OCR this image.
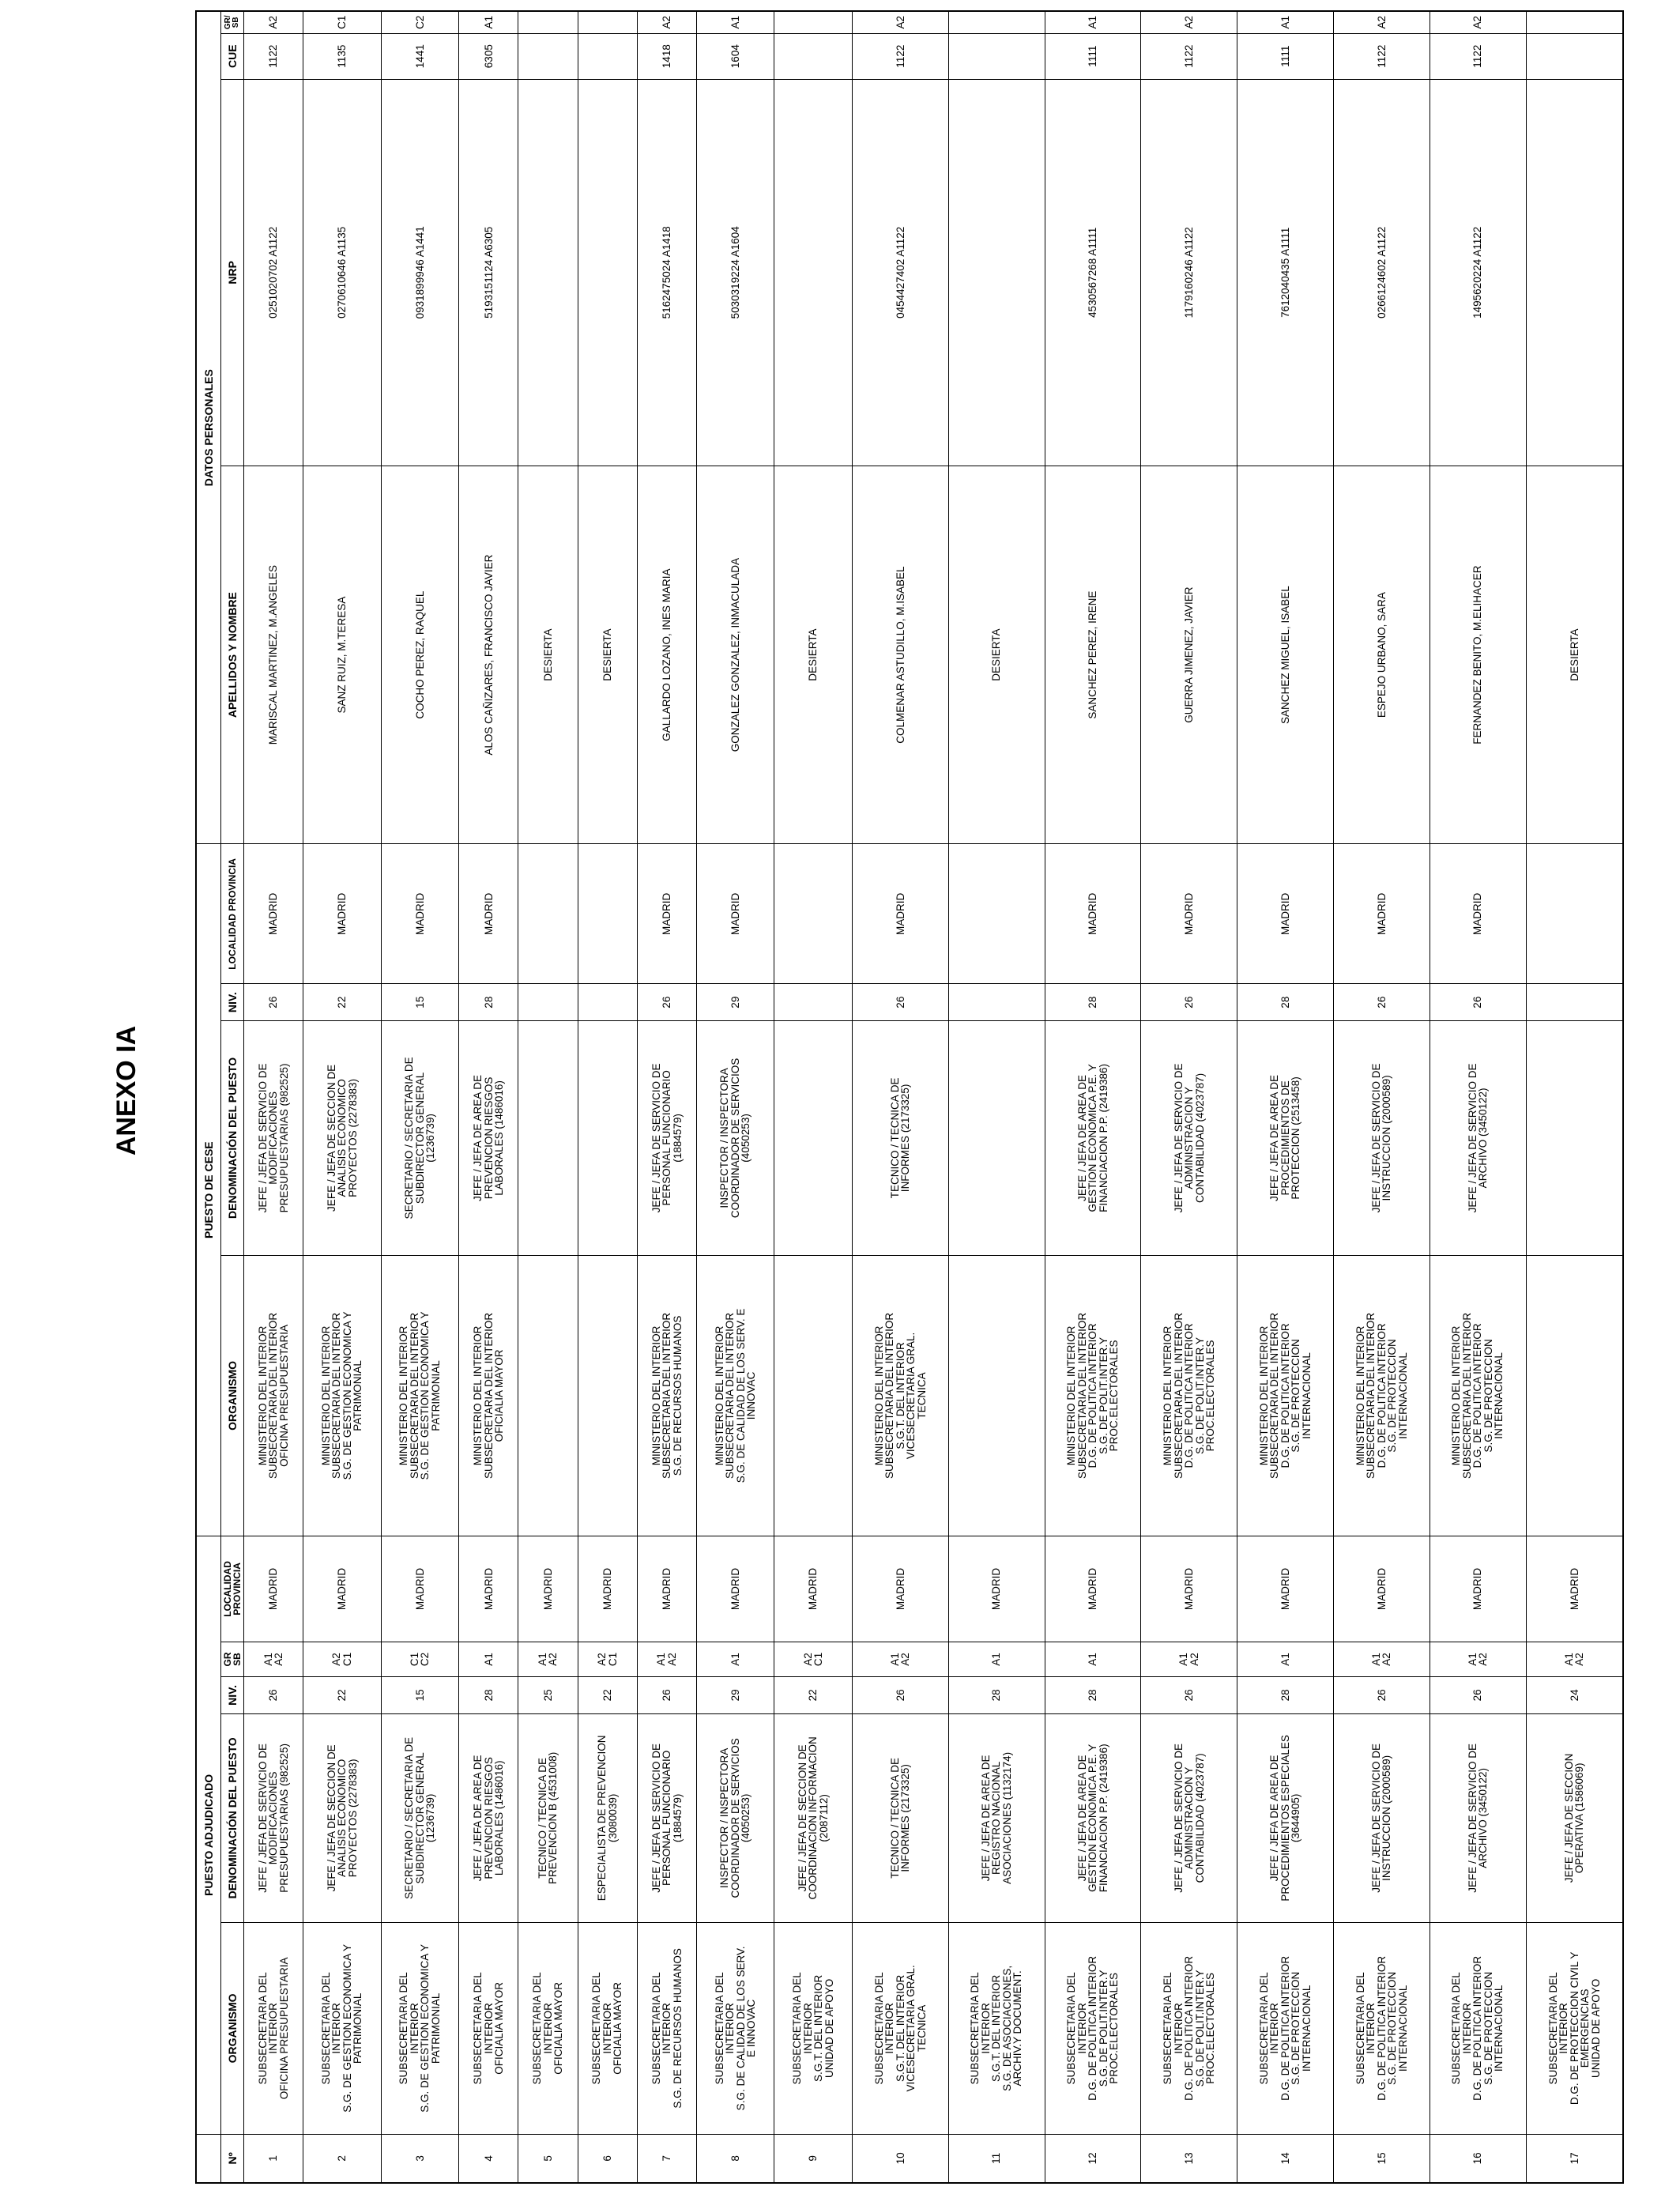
ANEXO IA
	PUESTO ADJUDICADO					PUESTO DE CESE				DATOS PERSONALES			
Nº	ORGANISMO	DENOMINACIÓN DEL PUESTO	NIV.	GR SB	LOCALIDAD PROVINCIA	ORGANISMO	DENOMINACIÓN DEL PUESTO	NIV.	LOCALIDAD PROVINCIA	APELLIDOS Y NOMBRE	NRP	CUE	GR/ SB
1	SUBSECRETARIA DEL
INTERIOR
OFICINA PRESUPUESTARIA	JEFE / JEFA DE SERVICIO DE
MODIFICACIONES
PRESUPUESTARIAS (982525)	26	A1
A2	MADRID	MINISTERIO DEL INTERIOR
SUBSECRETARIA DEL INTERIOR
OFICINA PRESUPUESTARIA	JEFE / JEFA DE SERVICIO DE
MODIFICACIONES
PRESUPUESTARIAS (982525)	26	MADRID	MARISCAL MARTINEZ, M.ANGELES	0251020702 A1122	1122	A2
2	SUBSECRETARIA DEL
INTERIOR
S.G. DE GESTION ECONOMICA Y
PATRIMONIAL	JEFE / JEFA DE SECCION DE
ANALISIS ECONOMICO
PROYECTOS (2278383)	22	A2
C1	MADRID	MINISTERIO DEL INTERIOR
SUBSECRETARIA DEL INTERIOR
S.G. DE GESTION ECONOMICA Y
PATRIMONIAL	JEFE / JEFA DE SECCION DE
ANALISIS ECONOMICO
PROYECTOS (2278383)	22	MADRID	SANZ RUIZ, M.TERESA	0270610646 A1135	1135	C1
3	SUBSECRETARIA DEL
INTERIOR
S.G. DE GESTION ECONOMICA Y
PATRIMONIAL	SECRETARIO / SECRETARIA DE
SUBDIRECTOR GENERAL
(1236739)	15	C1
C2	MADRID	MINISTERIO DEL INTERIOR
SUBSECRETARIA DEL INTERIOR
S.G. DE GESTION ECONOMICA Y
PATRIMONIAL	SECRETARIO / SECRETARIA DE
SUBDIRECTOR GENERAL
(1236739)	15	MADRID	COCHO PEREZ, RAQUEL	0931899946 A1441	1441	C2
4	SUBSECRETARIA DEL
INTERIOR
OFICIALIA MAYOR	JEFE / JEFA DE AREA DE
PREVENCION RIESGOS
LABORALES (1486016)	28	A1	MADRID	MINISTERIO DEL INTERIOR
SUBSECRETARIA DEL INTERIOR
OFICIALIA MAYOR	JEFE / JEFA DE AREA DE
PREVENCION RIESGOS
LABORALES (1486016)	28	MADRID	ALOS CAÑIZARES, FRANCISCO JAVIER	5193151124 A6305	6305	A1
5	SUBSECRETARIA DEL
INTERIOR
OFICIALIA MAYOR	TECNICO / TECNICA DE
PREVENCION B (4531008)	25	A1
A2	MADRID					DESIERTA			
6	SUBSECRETARIA DEL
INTERIOR
OFICIALIA MAYOR	ESPECIALISTA DE PREVENCION
(3080039)	22	A2
C1	MADRID					DESIERTA			
7	SUBSECRETARIA DEL
INTERIOR
S.G. DE RECURSOS HUMANOS	JEFE / JEFA DE SERVICIO DE
PERSONAL FUNCIONARIO
(1884579)	26	A1
A2	MADRID	MINISTERIO DEL INTERIOR
SUBSECRETARIA DEL INTERIOR
S.G. DE RECURSOS HUMANOS	JEFE / JEFA DE SERVICIO DE
PERSONAL FUNCIONARIO
(1884579)	26	MADRID	GALLARDO LOZANO, INES MARIA	5162475024 A1418	1418	A2
8	SUBSECRETARIA DEL
INTERIOR
S.G. DE CALIDAD DE LOS SERV.
E INNOVAC	INSPECTOR / INSPECTORA
COORDINADOR DE SERVICIOS
(4050253)	29	A1	MADRID	MINISTERIO DEL INTERIOR
SUBSECRETARIA DEL INTERIOR
S.G. DE CALIDAD DE LOS SERV. E
INNOVAC	INSPECTOR / INSPECTORA
COORDINADOR DE SERVICIOS
(4050253)	29	MADRID	GONZALEZ GONZALEZ, INMACULADA	5030319224 A1604	1604	A1
9	SUBSECRETARIA DEL
INTERIOR
S.G.T. DEL INTERIOR
UNIDAD DE APOYO	JEFE / JEFA DE SECCION DE
COORDINACION INFORMACION
(2087112)	22	A2
C1	MADRID					DESIERTA			
10	SUBSECRETARIA DEL
INTERIOR
S.G.T. DEL INTERIOR
VICESECRETARIA GRAL.
TECNICA	TECNICO / TECNICA DE
INFORMES (2173325)	26	A1
A2	MADRID	MINISTERIO DEL INTERIOR
SUBSECRETARIA DEL INTERIOR
S.G.T. DEL INTERIOR
VICESECRETARIA GRAL.
TECNICA	TECNICO / TECNICA DE
INFORMES (2173325)	26	MADRID	COLMENAR ASTUDILLO, M.ISABEL	0454427402 A1122	1122	A2
11	SUBSECRETARIA DEL
INTERIOR
S.G.T. DEL INTERIOR
S.G. DE ASOCIACIONES,
ARCHIV.Y DOCUMENT.	JEFE / JEFA DE AREA DE
REGISTRO NACIONAL
ASOCIACIONES (1132174)	28	A1	MADRID					DESIERTA			
12	SUBSECRETARIA DEL
INTERIOR
D.G. DE POLITICA INTERIOR
S.G. DE POLIT.INTER.Y
PROC.ELECTORALES	JEFE / JEFA DE AREA DE
GESTION ECONOMICA P.E. Y
FINANCIACION P.P. (2419386)	28	A1	MADRID	MINISTERIO DEL INTERIOR
SUBSECRETARIA DEL INTERIOR
D.G. DE POLITICA INTERIOR
S.G. DE POLIT.INTER.Y
PROC.ELECTORALES	JEFE / JEFA DE AREA DE
GESTION ECONOMICA P.E. Y
FINANCIACION P.P. (2419386)	28	MADRID	SANCHEZ PEREZ, IRENE	4530567268 A1111	1111	A1
13	SUBSECRETARIA DEL
INTERIOR
D.G. DE POLITICA INTERIOR
S.G. DE POLIT.INTER.Y
PROC.ELECTORALES	JEFE / JEFA DE SERVICIO DE
ADMINISTRACION Y
CONTABILIDAD (4023787)	26	A1
A2	MADRID	MINISTERIO DEL INTERIOR
SUBSECRETARIA DEL INTERIOR
D.G. DE POLITICA INTERIOR
S.G. DE POLIT.INTER.Y
PROC.ELECTORALES	JEFE / JEFA DE SERVICIO DE
ADMINISTRACION Y
CONTABILIDAD (4023787)	26	MADRID	GUERRA JIMENEZ, JAVIER	1179160246 A1122	1122	A2
14	SUBSECRETARIA DEL
INTERIOR
D.G. DE POLITICA INTERIOR
S.G. DE PROTECCION
INTERNACIONAL	JEFE / JEFA DE AREA DE
PROCEDIMIENTOS ESPECIALES
(3644905)	28	A1	MADRID	MINISTERIO DEL INTERIOR
SUBSECRETARIA DEL INTERIOR
D.G. DE POLITICA INTERIOR
S.G. DE PROTECCION
INTERNACIONAL	JEFE / JEFA DE AREA DE
PROCEDIMIENTOS DE
PROTECCION (2513458)	28	MADRID	SANCHEZ MIGUEL, ISABEL	7612040435 A1111	1111	A1
15	SUBSECRETARIA DEL
INTERIOR
D.G. DE POLITICA INTERIOR
S.G. DE PROTECCION
INTERNACIONAL	JEFE / JEFA DE SERVICIO DE
INSTRUCCION (2000589)	26	A1
A2	MADRID	MINISTERIO DEL INTERIOR
SUBSECRETARIA DEL INTERIOR
D.G. DE POLITICA INTERIOR
S.G. DE PROTECCION
INTERNACIONAL	JEFE / JEFA DE SERVICIO DE
INSTRUCCION (2000589)	26	MADRID	ESPEJO URBANO, SARA	0266124602 A1122	1122	A2
16	SUBSECRETARIA DEL
INTERIOR
D.G. DE POLITICA INTERIOR
S.G. DE PROTECCION
INTERNACIONAL	JEFE / JEFA DE SERVICIO DE
ARCHIVO (3450122)	26	A1
A2	MADRID	MINISTERIO DEL INTERIOR
SUBSECRETARIA DEL INTERIOR
D.G. DE POLITICA INTERIOR
S.G. DE PROTECCION
INTERNACIONAL	JEFE / JEFA DE SERVICIO DE
ARCHIVO (3450122)	26	MADRID	FERNANDEZ BENITO, M.ELIHACER	1495620224 A1122	1122	A2
17	SUBSECRETARIA DEL
INTERIOR
D.G. DE PROTECCION CIVIL Y
EMERGENCIAS
UNIDAD DE APOYO	JEFE / JEFA DE SECCION
OPERATIVA (1586069)	24	A1
A2	MADRID					DESIERTA			
